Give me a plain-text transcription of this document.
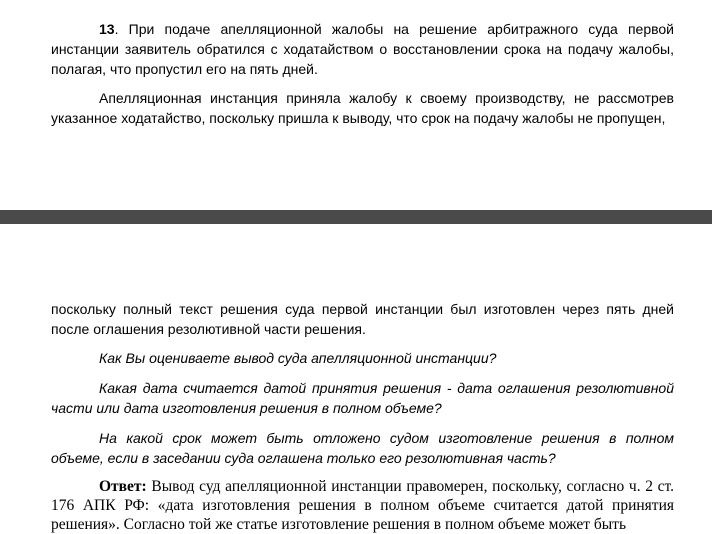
13. При подаче апелляционной жалобы на решение арбитражного суда первой инстанции заявитель обратился с ходатайством о восстановлении срока на подачу жалобы, полагая, что пропустил его на пять дней.

Апелляционная инстанция приняла жалобу к своему производству, не рассмотрев указанное ходатайство, поскольку пришла к выводу, что срок на подачу жалобы не пропущен,

поскольку полный текст решения суда первой инстанции был изготовлен через пять дней после оглашения резолютивной части решения.

Как Вы оцениваете вывод суда апелляционной инстанции?

Какая дата считается датой принятия решения - дата оглашения резолютивной части или дата изготовления решения в полном объеме?

На какой срок может быть отложено судом изготовление решения в полном объеме, если в заседании суда оглашена только его резолютивная часть?

Ответ: Вывод суд апелляционной инстанции правомерен, поскольку, согласно ч. 2 ст. 176 АПК РФ: «дата изготовления решения в полном объеме считается датой принятия решения». Согласно той же статье изготовление решения в полном объеме может быть
